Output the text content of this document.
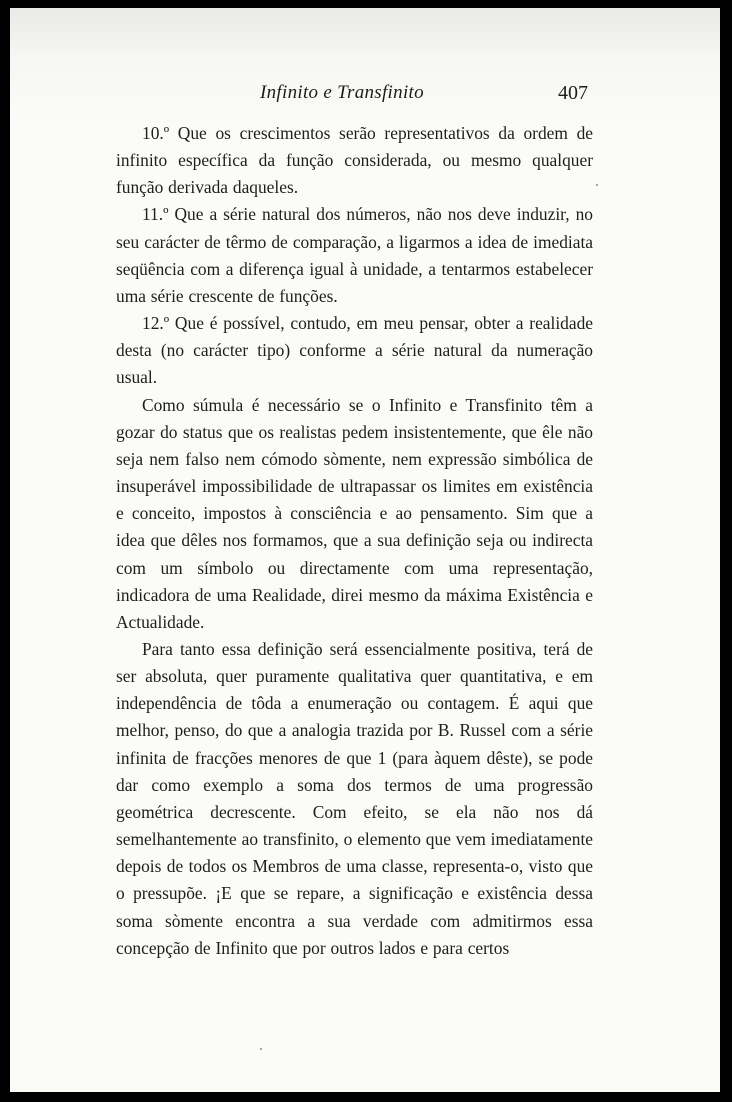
Infinito e Transfinito	407

10.º Que os crescimentos serão representativos da ordem de infinito específica da função considerada, ou mesmo qualquer função derivada daqueles.

11.º Que a série natural dos números, não nos deve induzir, no seu carácter de têrmo de comparação, a ligarmos a idea de imediata seqüência com a diferença igual à unidade, a tentarmos estabelecer uma série crescente de funções.

12.º Que é possível, contudo, em meu pensar, obter a realidade desta (no carácter tipo) conforme a série natural da numeração usual.

Como súmula é necessário se o Infinito e Transfinito têm a gozar do status que os realistas pedem insistentemente, que êle não seja nem falso nem cómodo sòmente, nem expressão simbólica de insuperável impossibilidade de ultrapassar os limites em existência e conceito, impostos à consciência e ao pensamento. Sim que a idea que dêles nos formamos, que a sua definição seja ou indirecta com um símbolo ou directamente com uma representação, indicadora de uma Realidade, direi mesmo da máxima Existência e Actualidade.

Para tanto essa definição será essencialmente positiva, terá de ser absoluta, quer puramente qualitativa quer quantitativa, e em independência de tôda a enumeração ou contagem. É aqui que melhor, penso, do que a analogia trazida por B. Russel com a série infinita de fracções menores de que 1 (para àquem dêste), se pode dar como exemplo a soma dos termos de uma progressão geométrica decrescente. Com efeito, se ela não nos dá semelhantemente ao transfinito, o elemento que vem imediatamente depois de todos os Membros de uma classe, representa-o, visto que o pressupõe. ¡E que se repare, a significação e existência dessa soma sòmente encontra a sua verdade com admitirmos essa concepção de Infinito que por outros lados e para certos
